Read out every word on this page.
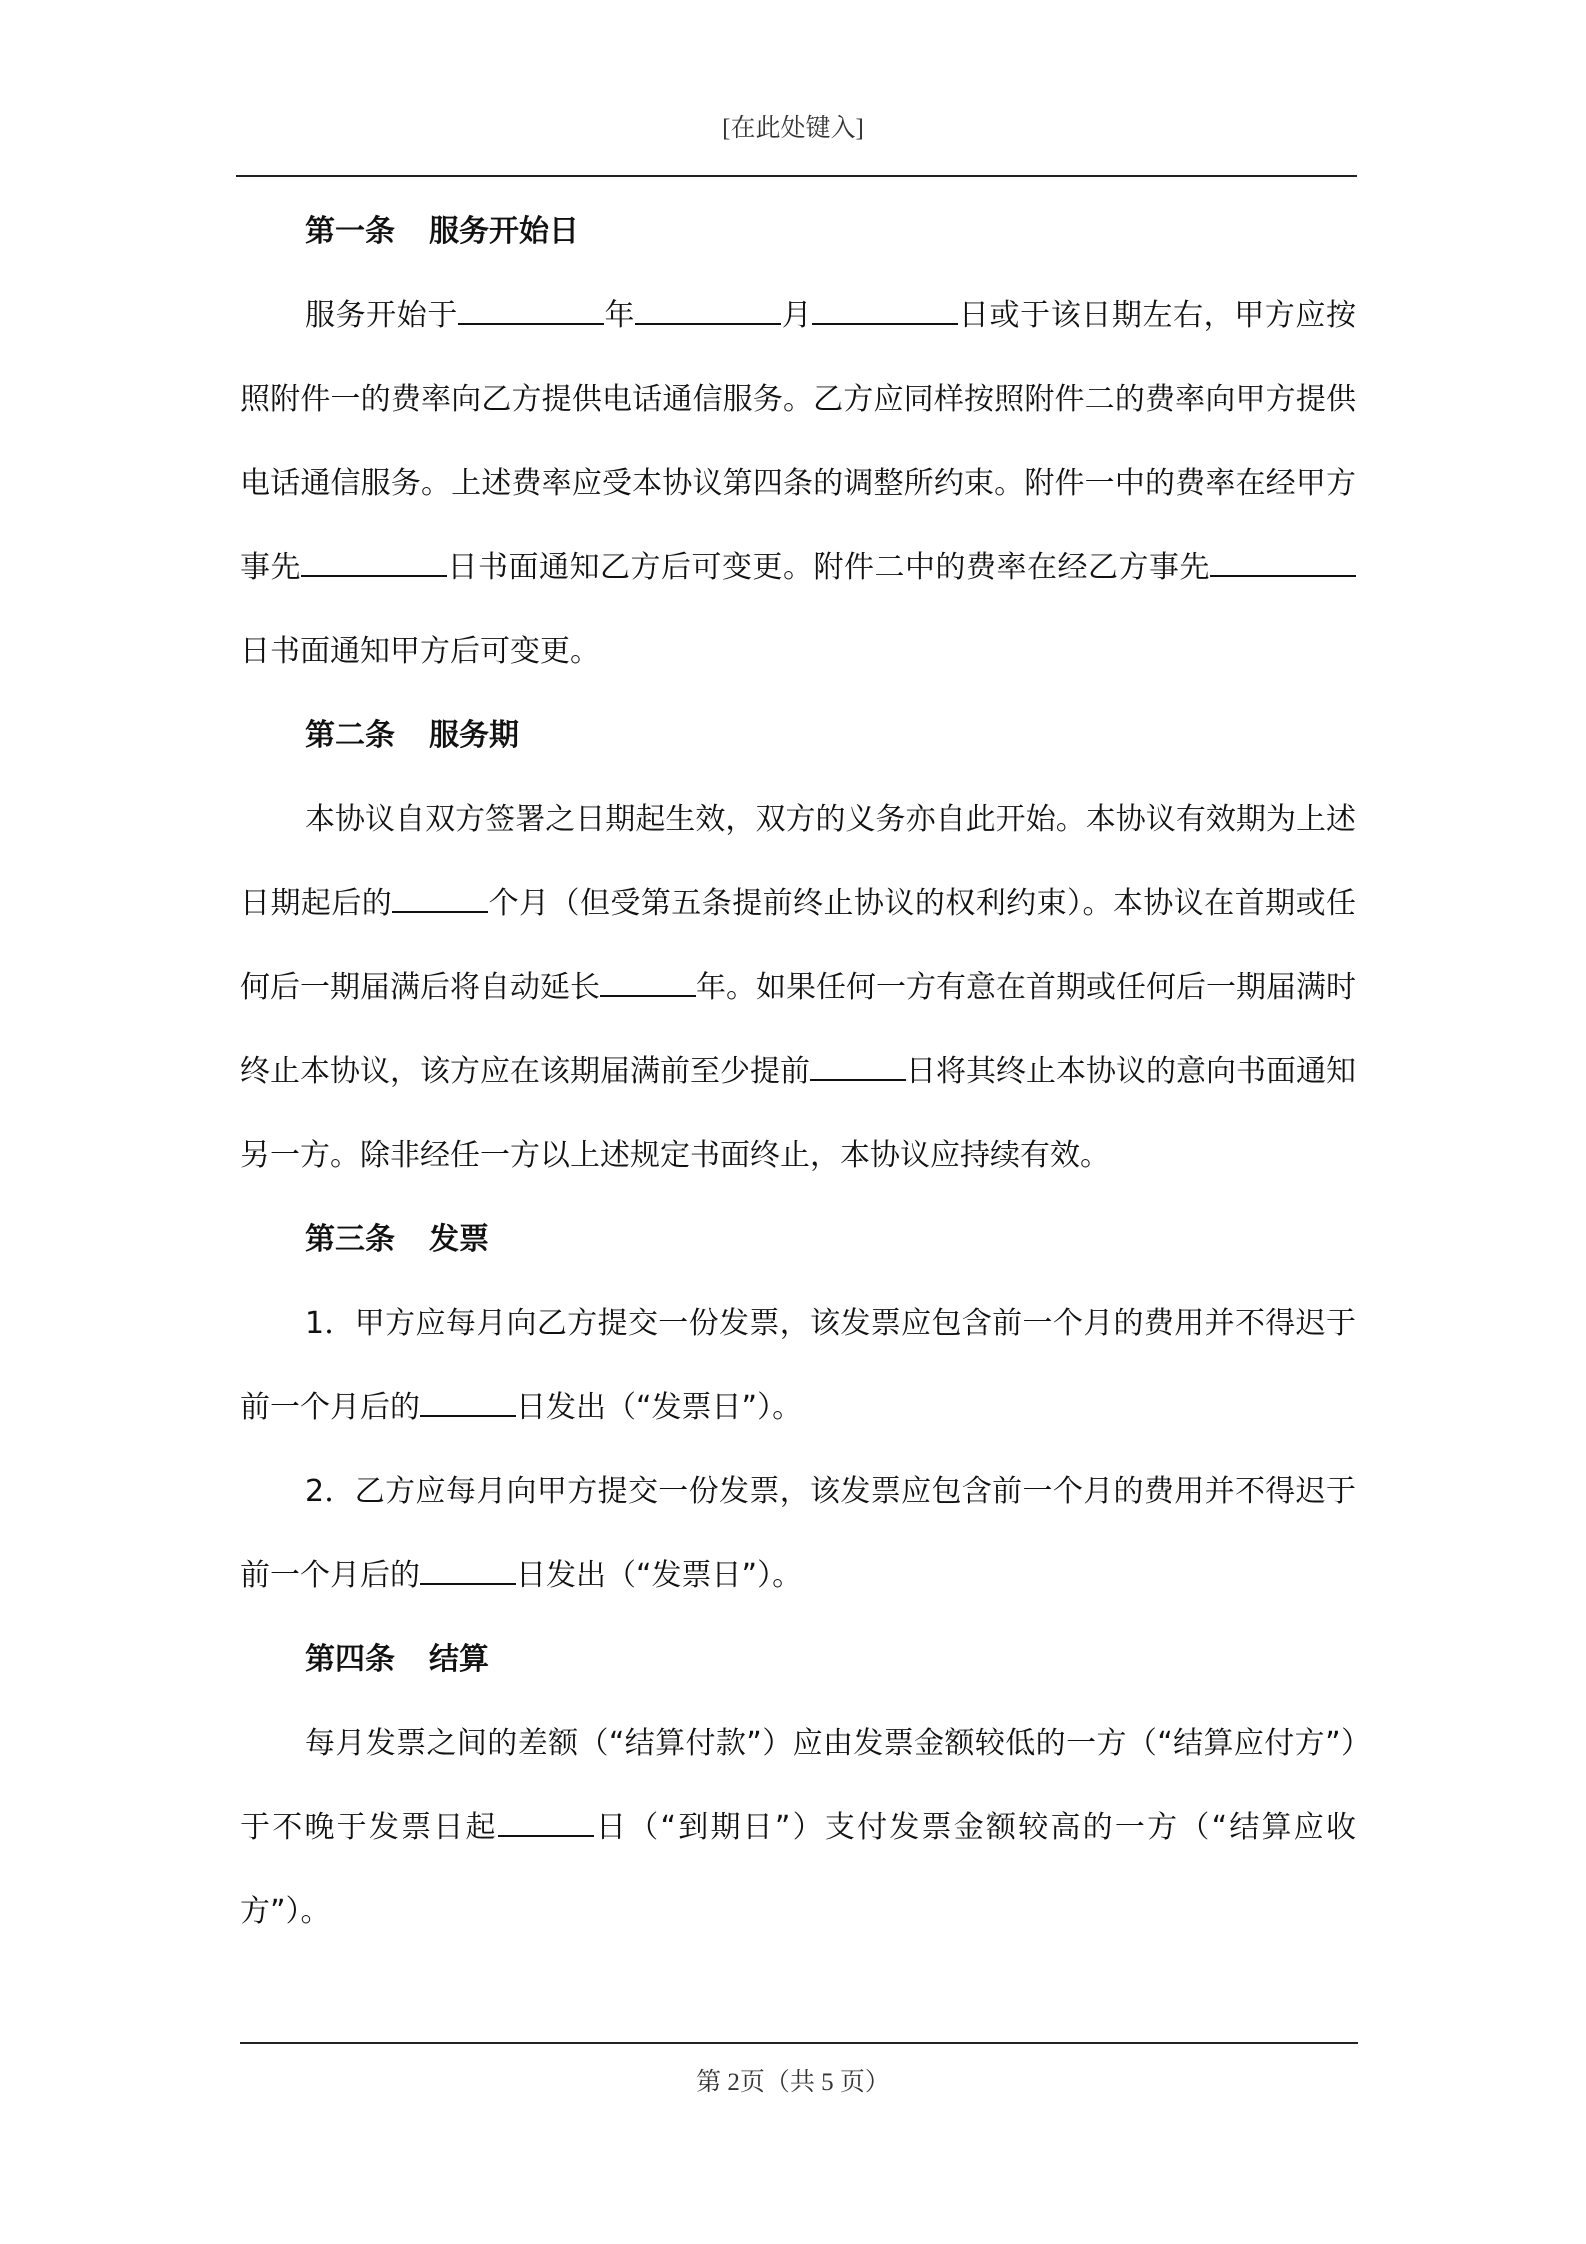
[在此处键入]

第一条 服务开始日

服务开始于	年	月	日或于该日期左右，甲方应按照附件一的费率向乙方提供电话通信服务。乙方应同样按照附件二的费率向甲方提供电话通信服务。上述费率应受本协议第四条的调整所约束。附件一中的费率在经甲方事先	日书面通知乙方后可变更。附件二中的费率在经乙方事先日书面通知甲方后可变更。

第二条 服务期

本协议自双方签署之日期起生效，双方的义务亦自此开始。本协议有效期为上述日期起后的	个月（但受第五条提前终止协议的权利约束）。本协议在首期或任何后一期届满后将自动延长	年。如果任何一方有意在首期或任何后一期届满时终止本协议，该方应在该期届满前至少提前	日将其终止本协议的意向书面通知另一方。除非经任一方以上述规定书面终止，本协议应持续有效。

第三条 发票

1．甲方应每月向乙方提交一份发票，该发票应包含前一个月的费用并不得迟于前一个月后的	日发出（“发票日”）。

2．乙方应每月向甲方提交一份发票，该发票应包含前一个月的费用并不得迟于前一个月后的	日发出（“发票日”）。

第四条 结算

每月发票之间的差额（“结算付款”）应由发票金额较低的一方（“结算应付方”）于不晚于发票日起	日（“到期日”）支付发票金额较高的一方（“结算应收方”）。

第 2页（共 5 页）
